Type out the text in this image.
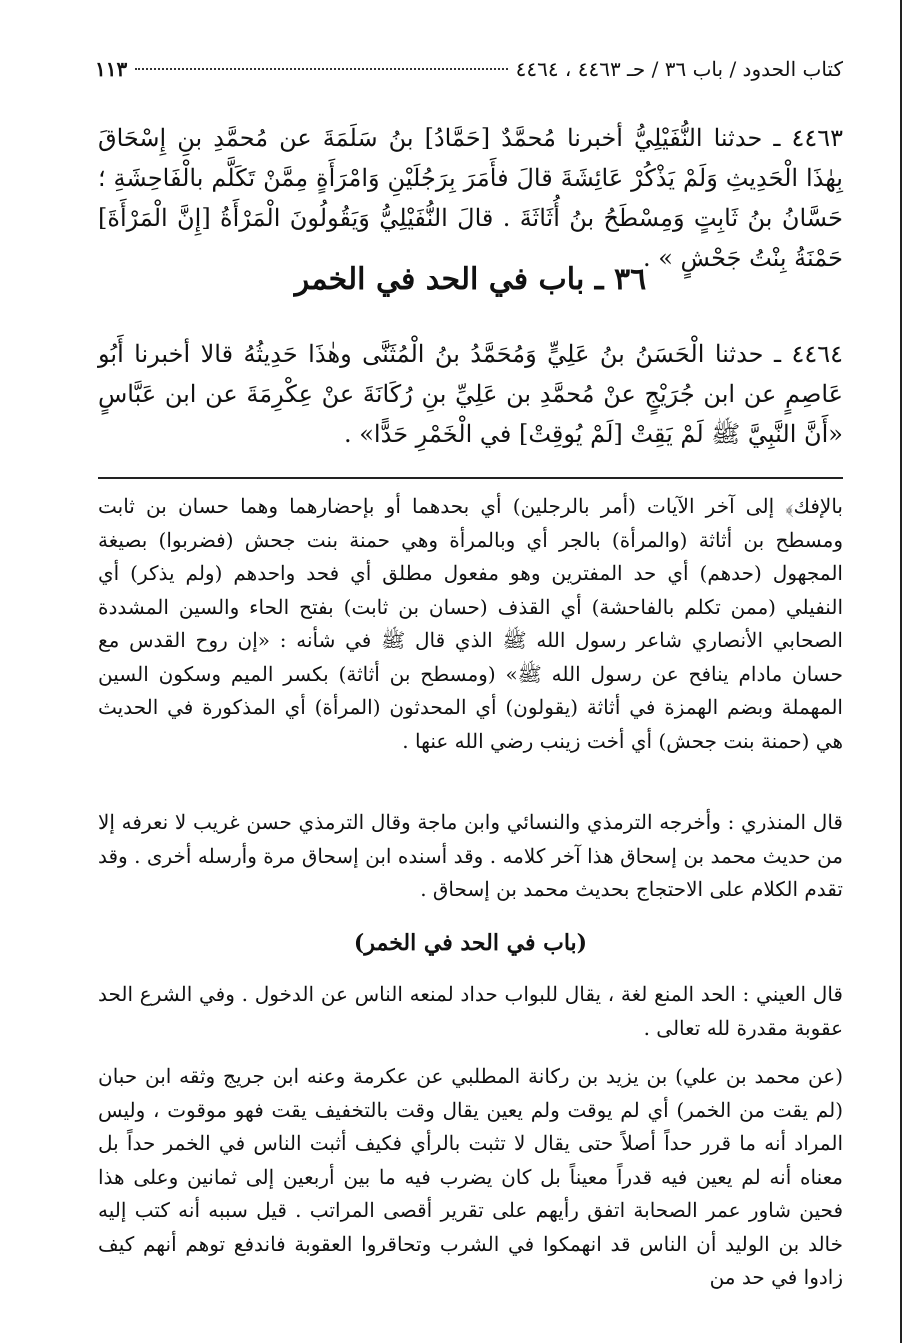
كتاب الحدود / باب ٣٦ / حـ ٤٤٦٣ ، ٤٤٦٤
١١٣
٤٤٦٣ ـ حدثنا النُّفَيْلِيُّ أخبرنا مُحمَّدٌ [حَمَّادُ] بنُ سَلَمَةَ عن مُحمَّدِ بنِ إِسْحَاقَ بِهٰذَا الْحَدِيثِ وَلَمْ يَذْكُرْ عَائِشَةَ قالَ فأَمَرَ بِرَجُلَيْنِ وَامْرَأَةٍ مِمَّنْ تَكَلَّم بالْفَاحِشَةِ ؛ حَسَّانُ بنُ ثَابِتٍ وَمِسْطَحُ بنُ أُثَاثَةَ . قالَ النُّفَيْلِيُّ وَيَقُولُونَ الْمَرْأَةُ [إِنَّ الْمَرْأَةَ] حَمْنَةُ بِنْتُ جَحْشٍ » .
٣٦ ـ باب في الحد في الخمر
٤٤٦٤ ـ حدثنا الْحَسَنُ بنُ عَلِيٍّ وَمُحَمَّدُ بنُ الْمُثَنَّى وهٰذَا حَدِيثُهُ قالا أخبرنا أَبُو عَاصِمٍ عن ابن جُرَيْجٍ عنْ مُحمَّدِ بن عَلِيِّ بنِ رُكَانَةَ عنْ عِكْرِمَةَ عن ابن عَبَّاسٍ «أَنَّ النَّبِيَّ ﷺ لَمْ يَقِتْ [لَمْ يُوقِتْ] في الْخَمْرِ حَدًّا» .
بالإفك﴾ إلى آخر الآيات (أمر بالرجلين) أي بحدهما أو بإحضارهما وهما حسان بن ثابت ومسطح بن أثاثة (والمرأة) بالجر أي وبالمرأة وهي حمنة بنت جحش (فضربوا) بصيغة المجهول (حدهم) أي حد المفترين وهو مفعول مطلق أي فحد واحدهم (ولم يذكر) أي النفيلي (ممن تكلم بالفاحشة) أي القذف (حسان بن ثابت) بفتح الحاء والسين المشددة الصحابي الأنصاري شاعر رسول الله ﷺ الذي قال ﷺ في شأنه : «إن روح القدس مع حسان مادام ينافح عن رسول الله ﷺ» (ومسطح بن أثاثة) بكسر الميم وسكون السين المهملة وبضم الهمزة في أثاثة (يقولون) أي المحدثون (المرأة) أي المذكورة في الحديث هي (حمنة بنت جحش) أي أخت زينب رضي الله عنها .
قال المنذري : وأخرجه الترمذي والنسائي وابن ماجة وقال الترمذي حسن غريب لا نعرفه إلا من حديث محمد بن إسحاق هذا آخر كلامه . وقد أسنده ابن إسحاق مرة وأرسله أخرى . وقد تقدم الكلام على الاحتجاج بحديث محمد بن إسحاق .
(باب في الحد في الخمر)
قال العيني : الحد المنع لغة ، يقال للبواب حداد لمنعه الناس عن الدخول . وفي الشرع الحد عقوبة مقدرة لله تعالى .
(عن محمد بن علي) بن يزيد بن ركانة المطلبي عن عكرمة وعنه ابن جريج وثقه ابن حبان (لم يقت من الخمر) أي لم يوقت ولم يعين يقال وقت بالتخفيف يقت فهو موقوت ، وليس المراد أنه ما قرر حداً أصلاً حتى يقال لا تثبت بالرأي فكيف أثبت الناس في الخمر حداً بل معناه أنه لم يعين فيه قدراً معيناً بل كان يضرب فيه ما بين أربعين إلى ثمانين وعلى هذا فحين شاور عمر الصحابة اتفق رأيهم على تقرير أقصى المراتب . قيل سببه أنه كتب إليه خالد بن الوليد أن الناس قد انهمكوا في الشرب وتحاقروا العقوبة فاندفع توهم أنهم كيف زادوا في حد من
